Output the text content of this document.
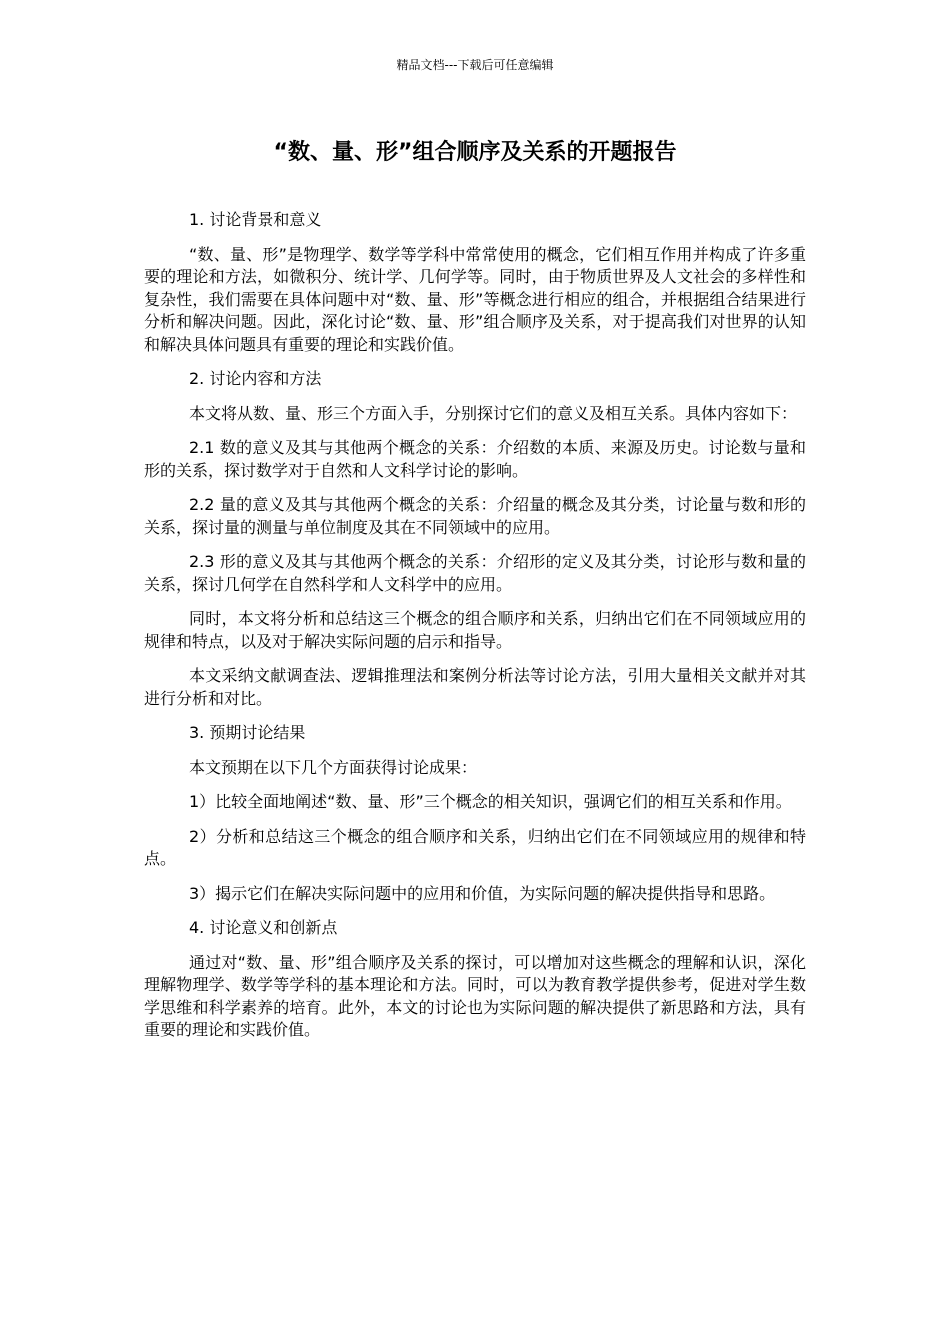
精品文档---下载后可任意编辑
“数、量、形”组合顺序及关系的开题报告

1. 讨论背景和意义

“数、量、形”是物理学、数学等学科中常常使用的概念，它们相互作用并构成了许多重要的理论和方法，如微积分、统计学、几何学等。同时，由于物质世界及人文社会的多样性和复杂性，我们需要在具体问题中对“数、量、形”等概念进行相应的组合，并根据组合结果进行分析和解决问题。因此，深化讨论“数、量、形”组合顺序及关系，对于提高我们对世界的认知和解决具体问题具有重要的理论和实践价值。

2. 讨论内容和方法

本文将从数、量、形三个方面入手，分别探讨它们的意义及相互关系。具体内容如下：

2.1 数的意义及其与其他两个概念的关系：介绍数的本质、来源及历史。讨论数与量和形的关系，探讨数学对于自然和人文科学讨论的影响。

2.2 量的意义及其与其他两个概念的关系：介绍量的概念及其分类，讨论量与数和形的关系，探讨量的测量与单位制度及其在不同领域中的应用。

2.3 形的意义及其与其他两个概念的关系：介绍形的定义及其分类，讨论形与数和量的关系，探讨几何学在自然科学和人文科学中的应用。

同时，本文将分析和总结这三个概念的组合顺序和关系，归纳出它们在不同领域应用的规律和特点，以及对于解决实际问题的启示和指导。

本文采纳文献调查法、逻辑推理法和案例分析法等讨论方法，引用大量相关文献并对其进行分析和对比。

3. 预期讨论结果

本文预期在以下几个方面获得讨论成果：

1）比较全面地阐述“数、量、形”三个概念的相关知识，强调它们的相互关系和作用。

2）分析和总结这三个概念的组合顺序和关系，归纳出它们在不同领域应用的规律和特点。

3）揭示它们在解决实际问题中的应用和价值，为实际问题的解决提供指导和思路。

4. 讨论意义和创新点

通过对“数、量、形”组合顺序及关系的探讨，可以增加对这些概念的理解和认识，深化理解物理学、数学等学科的基本理论和方法。同时，可以为教育教学提供参考，促进对学生数学思维和科学素养的培育。此外，本文的讨论也为实际问题的解决提供了新思路和方法，具有重要的理论和实践价值。
